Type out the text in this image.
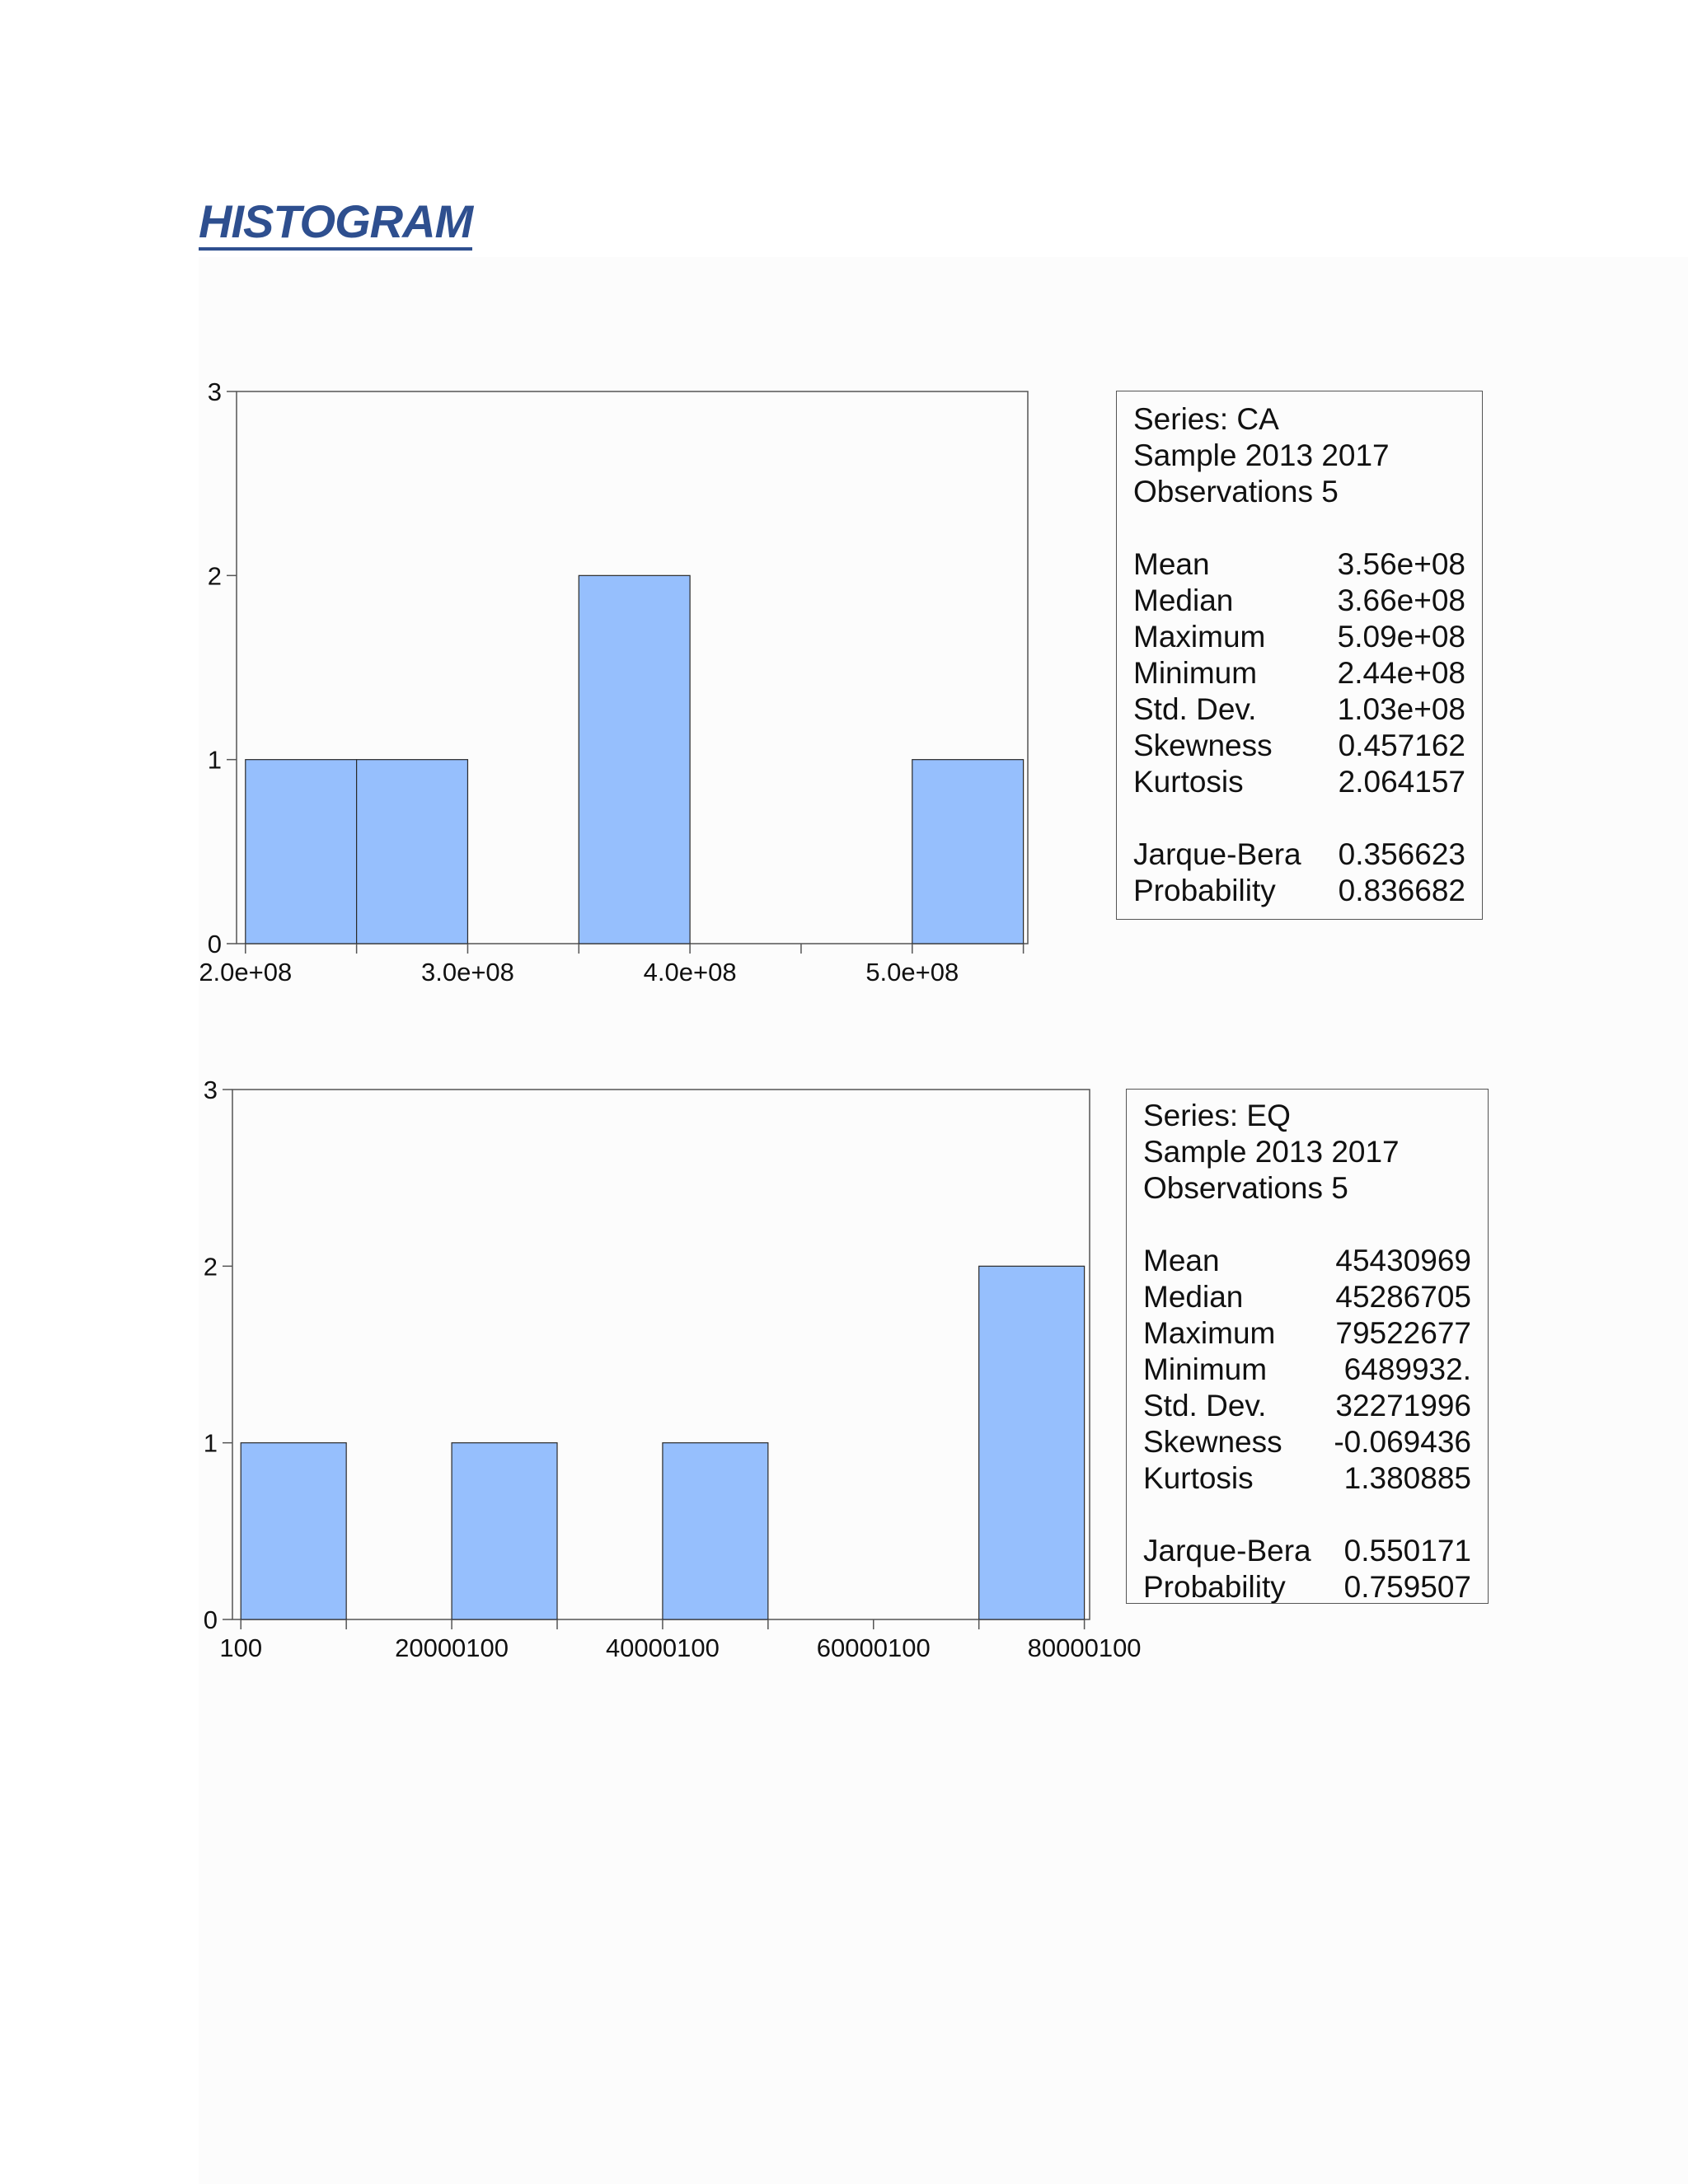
HISTOGRAM
0
1
2
3
2.0e+08	3.0e+08	4.0e+08	5.0e+08
Series: CA
Sample 2013 2017
Observations 5
Mean	3.56e+08
Median	3.66e+08
Maximum 5.09e+08
Minimum	2.44e+08
Std. Dev.	1.03e+08
Skewness 0.457162
Kurtosis	2.064157
Jarque-Bera 0.356623
Probability 0.836682
0
1
2
3
100	20000100	40000100	60000100	80000100
Series: EQ
Sample 2013 2017
Observations 5
Mean	45430969
Median	45286705
Maximum 79522677
Minimum	6489932.
Std. Dev. 32271996
Skewness -0.069436
Kurtosis	1.380885
Jarque-Bera 0.550171
Probability 0.759507
